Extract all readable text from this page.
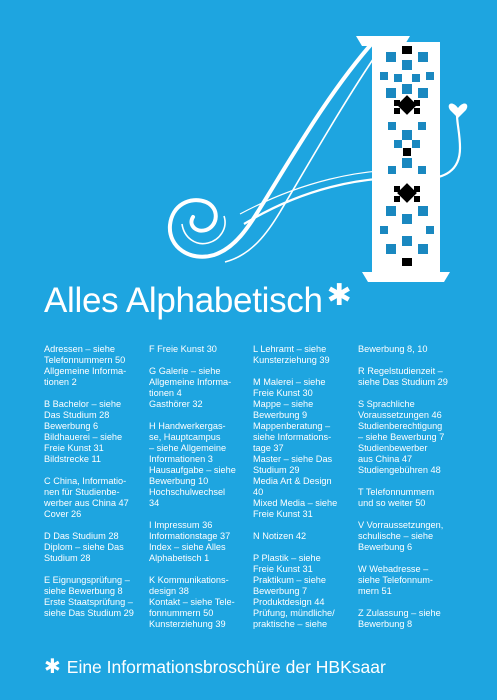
Alles Alphabetisch ✱
Adressen – siehe
Telefonnummern 50
Allgemeine Informa-
tionen 2
B Bachelor – siehe
Das Studium 28
Bewerbung 6
Bildhauerei – siehe
Freie Kunst 31
Bildstrecke 11
C China, Informatio-
nen für Studienbe-
werber aus China 47
Cover 26
D Das Studium 28
Diplom – siehe Das
Studium 28
E Eignungsprüfung –
siehe Bewerbung 8
Erste Staatsprüfung –
siehe Das Studium 29
F Freie Kunst 30
G Galerie – siehe
Allgemeine Informa-
tionen 4
Gasthörer 32
H Handwerkergas-
se, Hauptcampus
– siehe Allgemeine
Informationen 3
Hausaufgabe – siehe
Bewerbung 10
Hochschulwechsel
34
I Impressum 36
Informationstage 37
Index – siehe Alles
Alphabetisch 1
K Kommunikations-
design 38
Kontakt – siehe Tele-
fonnummern 50
Kunsterziehung 39
L Lehramt – siehe
Kunsterziehung 39
M Malerei – siehe
Freie Kunst 30
Mappe – siehe
Bewerbung 9
Mappenberatung –
siehe Informations-
tage 37
Master – siehe Das
Studium 29
Media Art & Design
40
Mixed Media – siehe
Freie Kunst 31
N Notizen 42
P Plastik – siehe
Freie Kunst 31
Praktikum – siehe
Bewerbung 7
Produktdesign 44
Prüfung, mündliche/
praktische – siehe
Bewerbung 8, 10
R Regelstudienzeit –
siehe Das Studium 29
S Sprachliche
Voraussetzungen 46
Studienberechtigung
– siehe Bewerbung 7
Studienbewerber
aus China 47
Studiengebühren 48
T Telefonnummern
und so weiter 50
V Vorraussetzungen,
schulische – siehe
Bewerbung 6
W Webadresse –
siehe Telefonnum-
mern 51
Z Zulassung – siehe
Bewerbung 8
✱ Eine Informationsbroschüre der HBKsaar
